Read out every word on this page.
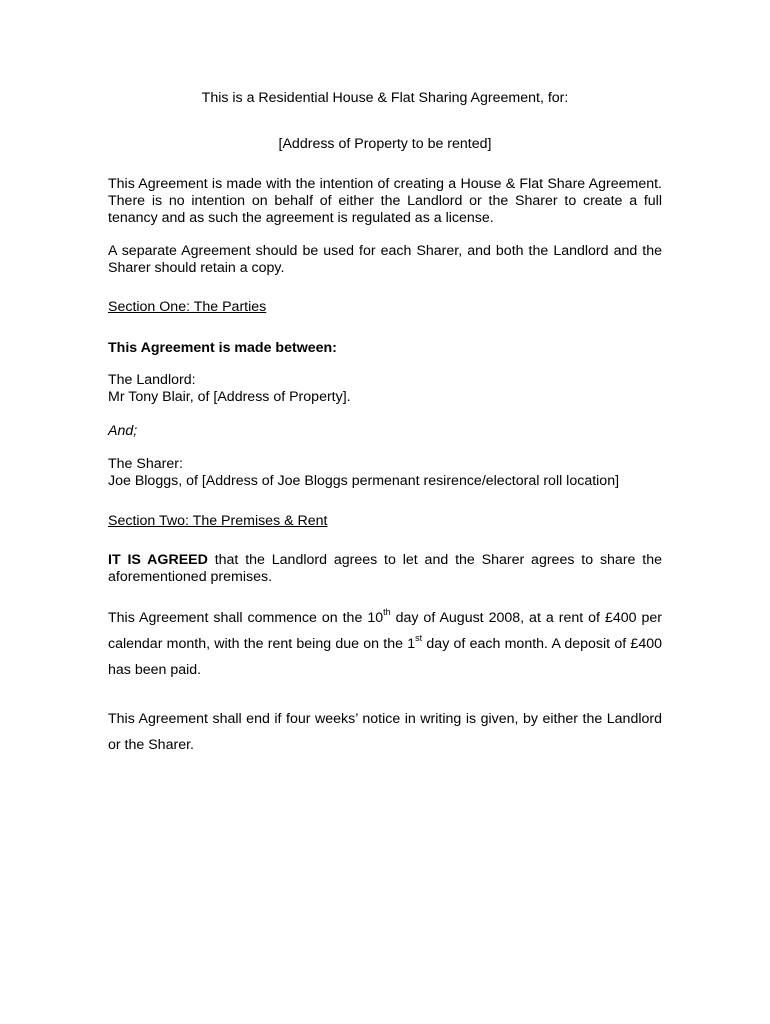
This is a Residential House & Flat Sharing Agreement, for:

[Address of Property to be rented]

This Agreement is made with the intention of creating a House & Flat Share Agreement. There is no intention on behalf of either the Landlord or the Sharer to create a full tenancy and as such the agreement is regulated as a license.

A separate Agreement should be used for each Sharer, and both the Landlord and the Sharer should retain a copy.

Section One: The Parties

This Agreement is made between:

The Landlord:

Mr Tony Blair, of [Address of Property].

And;

The Sharer:

Joe Bloggs, of [Address of Joe Bloggs permenant resirence/electoral roll location]

Section Two: The Premises & Rent

IT IS AGREED that the Landlord agrees to let and the Sharer agrees to share the aforementioned premises.

This Agreement shall commence on the 10th day of August 2008, at a rent of £400 per calendar month, with the rent being due on the 1st day of each month. A deposit of £400 has been paid.

This Agreement shall end if four weeks’ notice in writing is given, by either the Landlord or the Sharer.
